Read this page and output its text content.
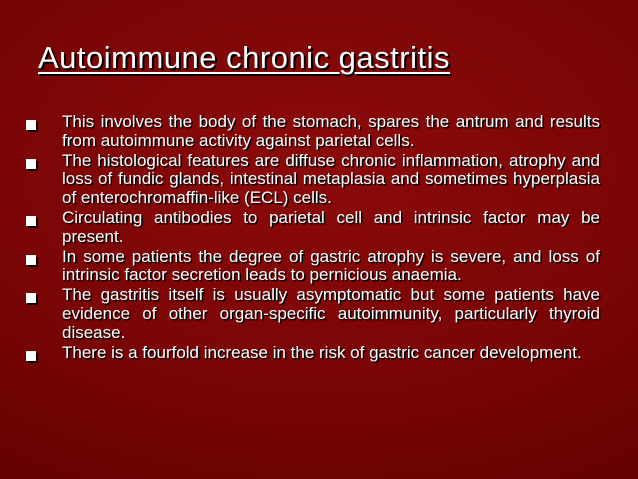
Autoimmune chronic gastritis
This involves the body of the stomach, spares the antrum and results from autoimmune activity against parietal cells.
The histological features are diffuse chronic inflammation, atrophy and loss of fundic glands, intestinal metaplasia and sometimes hyperplasia of enterochromaffin-like (ECL) cells.
Circulating antibodies to parietal cell and intrinsic factor may be present.
In some patients the degree of gastric atrophy is severe, and loss of intrinsic factor secretion leads to pernicious anaemia.
The gastritis itself is usually asymptomatic but some patients have evidence of other organ-specific autoimmunity, particularly thyroid disease.
There is a fourfold increase in the risk of gastric cancer development.
